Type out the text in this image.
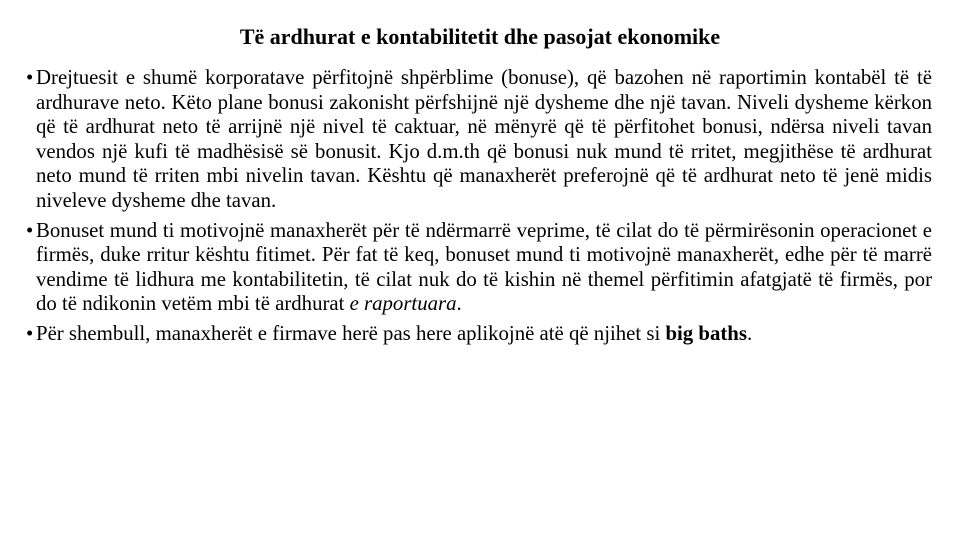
Të ardhurat e kontabilitetit dhe pasojat ekonomike
• Drejtuesit e shumë korporatave përfitojnë shpërblime (bonuse), që bazohen në raportimin kontabël të të ardhurave neto. Këto plane bonusi zakonisht përfshijnë një dysheme dhe një tavan. Niveli dysheme kërkon që të ardhurat neto të arrijnë një nivel të caktuar, në mënyrë që të përfitohet bonusi, ndërsa niveli tavan vendos një kufi të madhësisë së bonusit. Kjo d.m.th që bonusi nuk mund të rritet, megjithëse të ardhurat neto mund të rriten mbi nivelin tavan. Kështu që manaxherët preferojnë që të ardhurat neto të jenë midis niveleve dysheme dhe tavan.
• Bonuset mund ti motivojnë manaxherët për të ndërmarrë veprime, të cilat do të përmirësonin operacionet e firmës, duke rritur kështu fitimet. Për fat të keq, bonuset mund ti motivojnë manaxherët, edhe për të marrë vendime të lidhura me kontabilitetin, të cilat nuk do të kishin në themel përfitimin afatgjatë të firmës, por do të ndikonin vetëm mbi të ardhurat e raportuara.
• Për shembull, manaxherët e firmave herë pas here aplikojnë atë që njihet si big baths.
